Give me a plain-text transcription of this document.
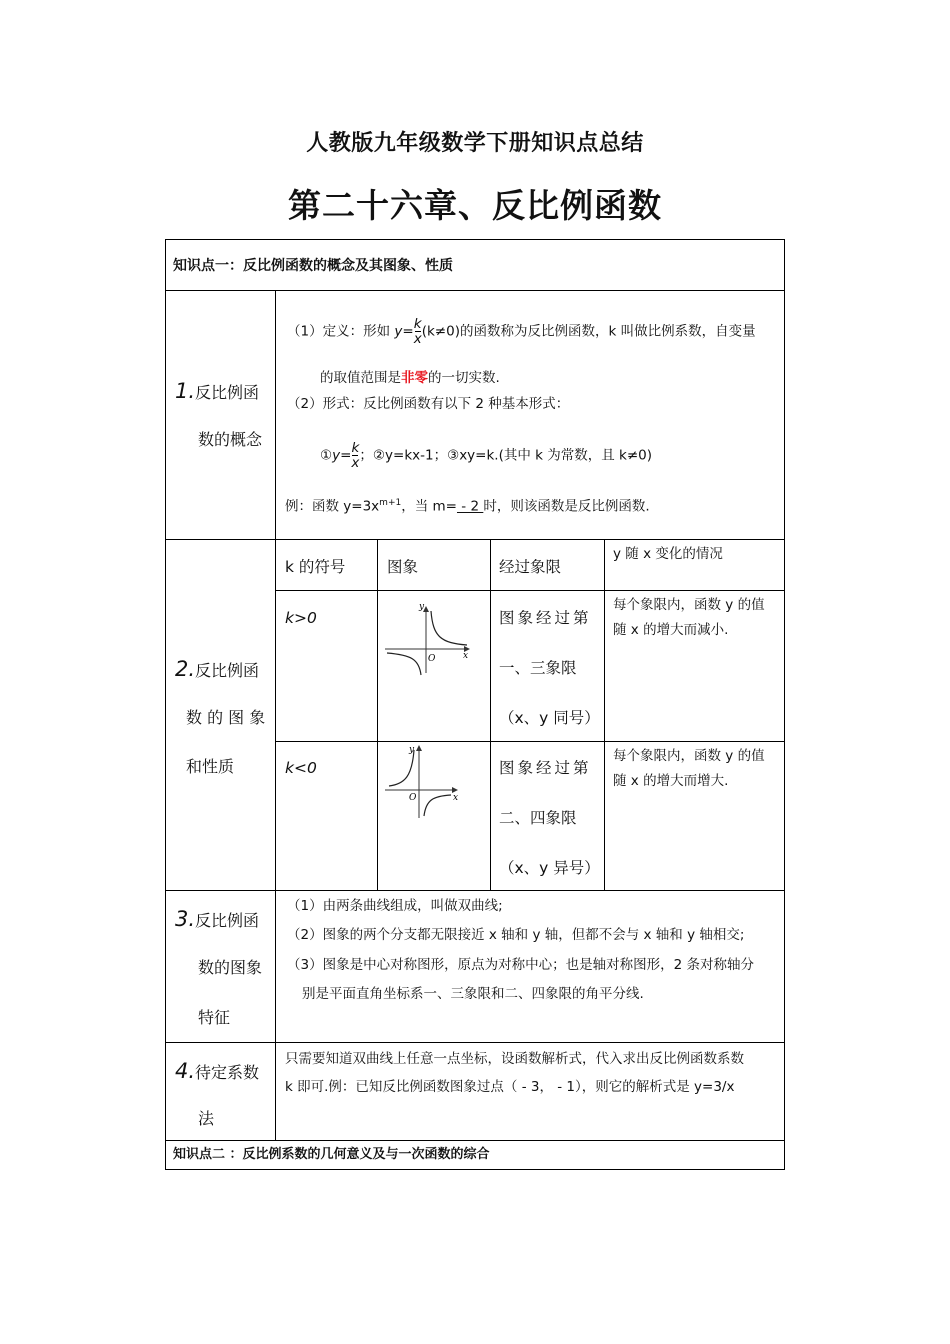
人教版九年级数学下册知识点总结
第二十六章、反比例函数
知识点一：反比例函数的概念及其图象、性质
1.反比例函
数的概念
（1）定义：形如 $y= \frac{k}{x} (k\ne 0)$的函数称为反比例函数，k 叫做比例系数，自变量
的取值范围是非零的一切实数.
（2）形式：反比例函数有以下 2 种基本形式：
①y= $\frac{k}{x}$ ；②y=kx-1；③xy=k.(其中 k 为常数，且 k≠0)
例：函数 $y=3x^{m+1}$，当 m= - 2 时，则该函数是反比例函数.
2.反比例函
数 的 图 象
和性质
k 的符号	图象	经过象限
y 随 x 变化的情况
k>0
y
x
O
图象经过第
一、三象限
（x、y 同号）
每个象限内，函数 y 的值
随 x 的增大而减小.
k<0
y
x
O
图象经过第
二、四象限
（x、y 异号）
每个象限内，函数 y 的值
随 x 的增大而增大.
3.反比例函
数的图象
特征
（1）由两条曲线组成，叫做双曲线;
（2）图象的两个分支都无限接近 x 轴和 y 轴，但都不会与 x 轴和 y 轴相交;
（3）图象是中心对称图形，原点为对称中心；也是轴对称图形，2 条对称轴分
别是平面直角坐标系一、三象限和二、四象限的角平分线.
4.待定系数
法
只需要知道双曲线上任意一点坐标，设函数解析式，代入求出反比例函数系数
k 即可.例：已知反比例函数图象过点（ - 3， - 1），则它的解析式是 y=3/x
知识点二 ：反比例系数的几何意义及与一次函数的综合
